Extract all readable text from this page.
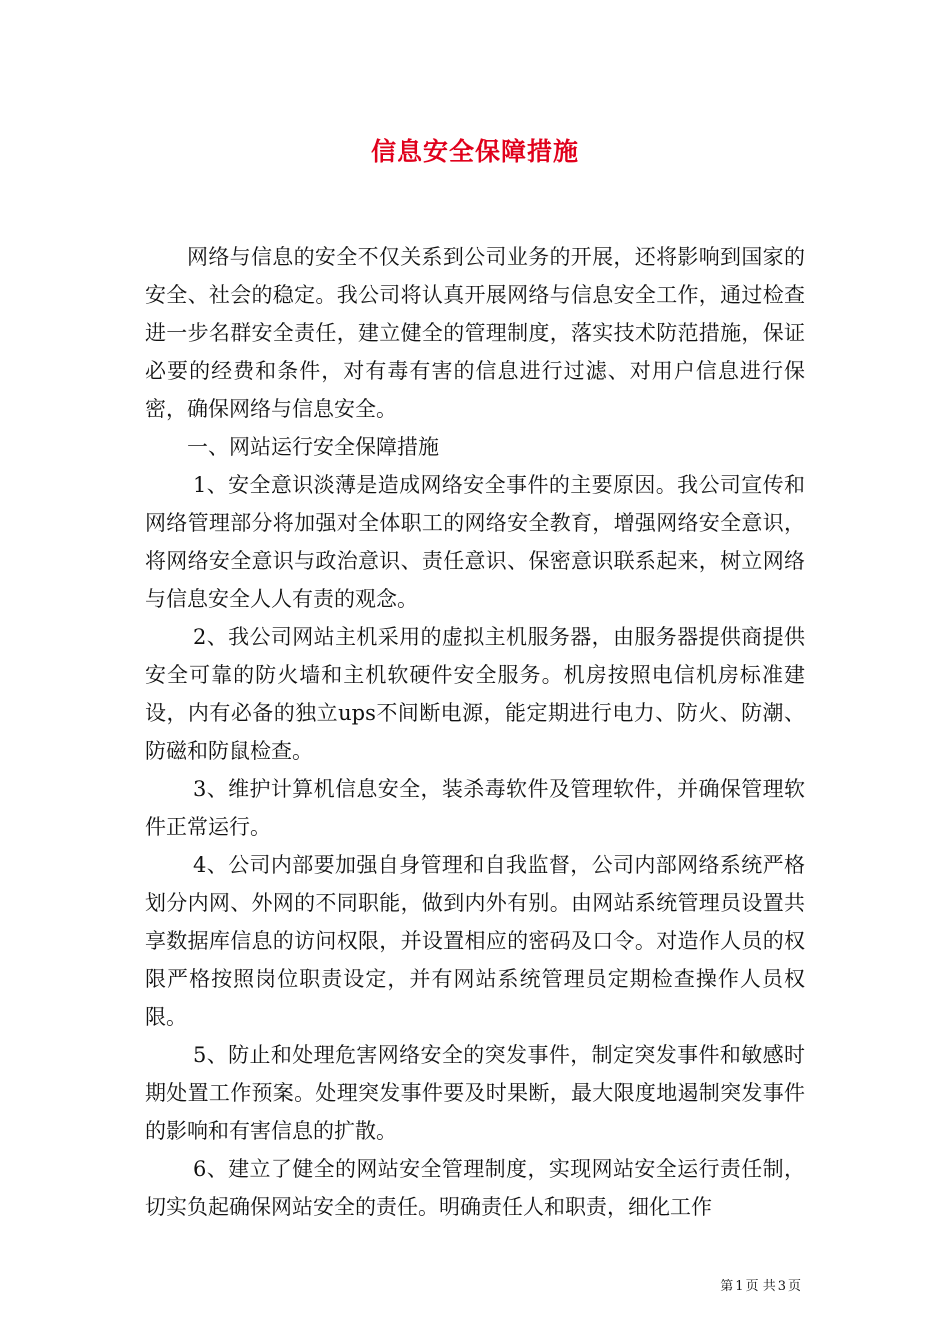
信息安全保障措施

网络与信息的安全不仅关系到公司业务的开展，还将影响到国家的安全、社会的稳定。我公司将认真开展网络与信息安全工作，通过检查进一步名群安全责任，建立健全的管理制度，落实技术防范措施，保证必要的经费和条件，对有毒有害的信息进行过滤、对用户信息进行保密，确保网络与信息安全。

一、网站运行安全保障措施

1、安全意识淡薄是造成网络安全事件的主要原因。我公司宣传和网络管理部分将加强对全体职工的网络安全教育，增强网络安全意识，将网络安全意识与政治意识、责任意识、保密意识联系起来，树立网络与信息安全人人有责的观念。

2、我公司网站主机采用的虚拟主机服务器，由服务器提供商提供安全可靠的防火墙和主机软硬件安全服务。机房按照电信机房标准建设，内有必备的独立ups不间断电源，能定期进行电力、防火、防潮、防磁和防鼠检查。

3、维护计算机信息安全，装杀毒软件及管理软件，并确保管理软件正常运行。

4、公司内部要加强自身管理和自我监督，公司内部网络系统严格划分内网、外网的不同职能，做到内外有别。由网站系统管理员设置共享数据库信息的访问权限，并设置相应的密码及口令。对造作人员的权限严格按照岗位职责设定，并有网站系统管理员定期检查操作人员权限。

5、防止和处理危害网络安全的突发事件，制定突发事件和敏感时期处置工作预案。处理突发事件要及时果断，最大限度地遏制突发事件的影响和有害信息的扩散。

6、建立了健全的网站安全管理制度，实现网站安全运行责任制，切实负起确保网站安全的责任。明确责任人和职责，细化工作

第 1 页 共 3 页
